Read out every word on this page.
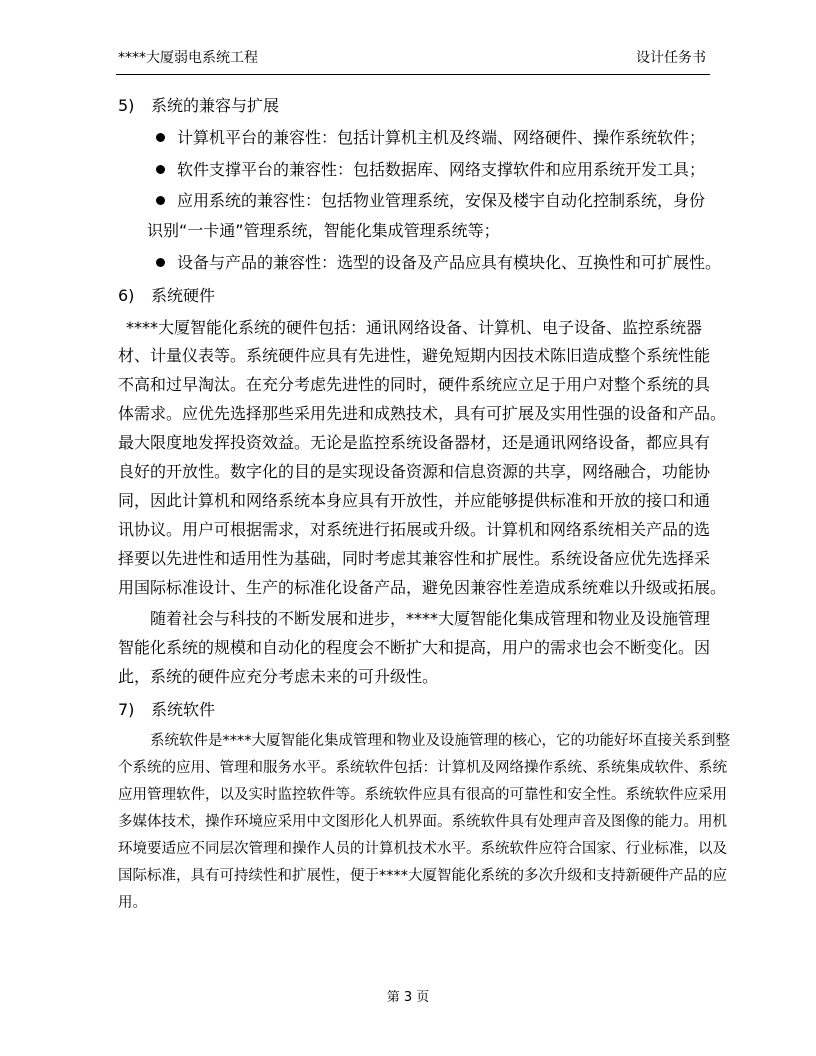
****大厦弱电系统工程	设计任务书
5) 系统的兼容与扩展
计算机平台的兼容性：包括计算机主机及终端、网络硬件、操作系统软件；
软件支撑平台的兼容性：包括数据库、网络支撑软件和应用系统开发工具；
应用系统的兼容性：包括物业管理系统，安保及楼宇自动化控制系统，身份
识别“一卡通”管理系统，智能化集成管理系统等；
设备与产品的兼容性：选型的设备及产品应具有模块化、互换性和可扩展性。
6) 系统硬件
****大厦智能化系统的硬件包括：通讯网络设备、计算机、电子设备、监控系统器
材、计量仪表等。系统硬件应具有先进性，避免短期内因技术陈旧造成整个系统性能
不高和过早淘汰。在充分考虑先进性的同时，硬件系统应立足于用户对整个系统的具
体需求。应优先选择那些采用先进和成熟技术，具有可扩展及实用性强的设备和产品。
最大限度地发挥投资效益。无论是监控系统设备器材，还是通讯网络设备，都应具有
良好的开放性。数字化的目的是实现设备资源和信息资源的共享，网络融合，功能协
同，因此计算机和网络系统本身应具有开放性，并应能够提供标准和开放的接口和通
讯协议。用户可根据需求，对系统进行拓展或升级。计算机和网络系统相关产品的选
择要以先进性和适用性为基础，同时考虑其兼容性和扩展性。系统设备应优先选择采
用国际标准设计、生产的标准化设备产品，避免因兼容性差造成系统难以升级或拓展。
随着社会与科技的不断发展和进步，****大厦智能化集成管理和物业及设施管理
智能化系统的规模和自动化的程度会不断扩大和提高，用户的需求也会不断变化。因
此，系统的硬件应充分考虑未来的可升级性。
7) 系统软件
系统软件是****大厦智能化集成管理和物业及设施管理的核心，它的功能好坏直接关系到整
个系统的应用、管理和服务水平。系统软件包括：计算机及网络操作系统、系统集成软件、系统
应用管理软件，以及实时监控软件等。系统软件应具有很高的可靠性和安全性。系统软件应采用
多媒体技术，操作环境应采用中文图形化人机界面。系统软件具有处理声音及图像的能力。用机
环境要适应不同层次管理和操作人员的计算机技术水平。系统软件应符合国家、行业标准，以及
国际标准，具有可持续性和扩展性，便于****大厦智能化系统的多次升级和支持新硬件产品的应
用。
第 3 页
